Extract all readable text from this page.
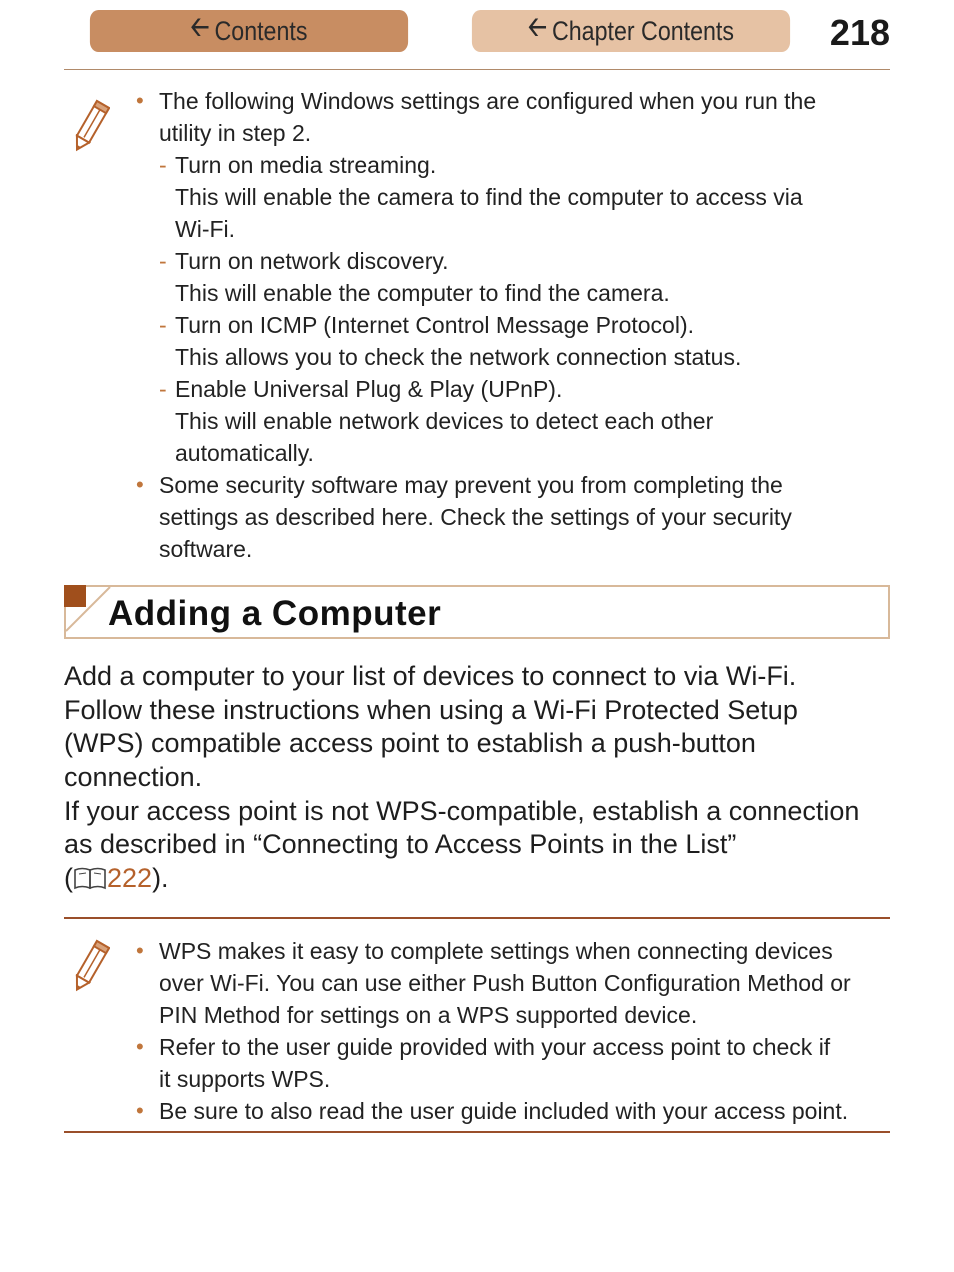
🡠 Contents	🡠 Chapter Contents	218
• The following Windows settings are configured when you run the
utility in step 2.
- Turn on media streaming.
This will enable the camera to find the computer to access via
Wi-Fi.
- Turn on network discovery.
This will enable the computer to find the camera.
- Turn on ICMP (Internet Control Message Protocol).
This allows you to check the network connection status.
- Enable Universal Plug & Play (UPnP).
This will enable network devices to detect each other
automatically.
• Some security software may prevent you from completing the
settings as described here. Check the settings of your security
software.
Adding a Computer
Add a computer to your list of devices to connect to via Wi-Fi.
Follow these instructions when using a Wi-Fi Protected Setup
(WPS) compatible access point to establish a push-button
connection.
If your access point is not WPS-compatible, establish a connection
as described in “Connecting to Access Points in the List”
( 222).
• WPS makes it easy to complete settings when connecting devices
over Wi-Fi. You can use either Push Button Configuration Method or
PIN Method for settings on a WPS supported device.
• Refer to the user guide provided with your access point to check if
it supports WPS.
• Be sure to also read the user guide included with your access point.
